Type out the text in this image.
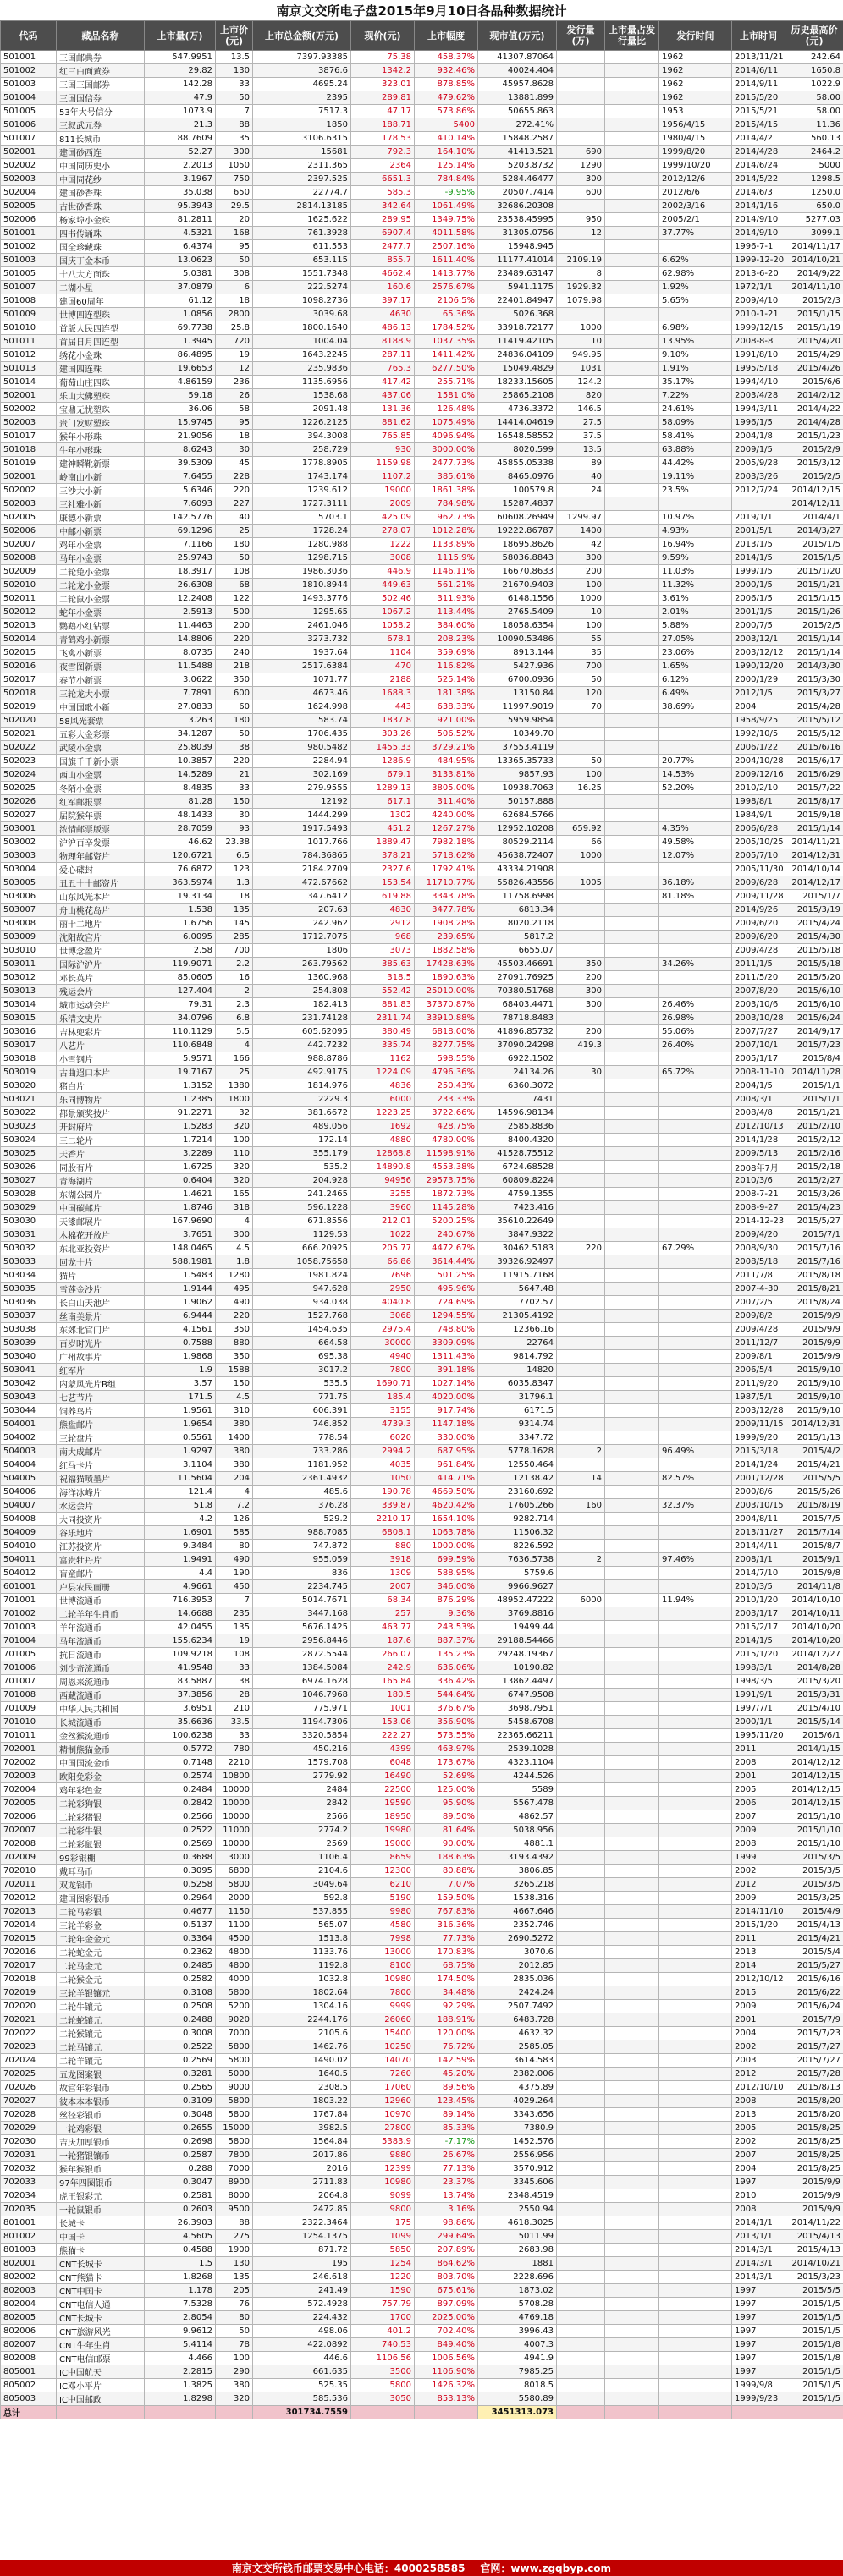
南京文交所电子盘2015年9月10日各品种数据统计
代码	藏品名称	上市量(万)	上市价(元)	上市总金额(万元)	现价(元)	上市幅度	现市值(万元)	发行量(万)	上市量占发行量比	发行时间	上市时间	历史最高价(元)	
501001	三国邮典券	547.9951	13.5	7397.93385	75.38	458.37%	41307.87064			1962	2013/11/21	242.64	
501002	红三白面黄券	29.82	130	3876.6	1342.2	932.46%	40024.404			1962	2014/6/11	1650.8	
501003	三国三国邮券	142.28	33	4695.24	323.01	878.85%	45957.8628			1962	2014/9/11	1022.9	
501004	三国国信券	47.9	50	2395	289.81	479.62%	13881.899			1962	2015/5/20	58.00	
501005	53年大号信分	1073.9	7	7517.3	47.17	573.86%	50655.863			1953	2015/5/21	58.00	
501006	三叔武元券	21.3	88	1850	188.71	5400	272.41%			1956/4/15	2015/4/15	11.36	
501007	811长城币	88.7609	35	3106.6315	178.53	410.14%	15848.2587			1980/4/15	2014/4/2	560.13	
502001	建国砂西连	52.27	300	15681	792.3	164.10%	41413.521	690		1999/8/20	2014/4/28	2464.2	
502002	中国同历史小	2.2013	1050	2311.365	2364	125.14%	5203.8732	1290		1999/10/20	2014/6/24	5000	
502003	中国同花纱	3.1967	750	2397.525	6651.3	784.84%	5284.46477	300		2012/12/6	2014/5/22	1298.5	
502004	建国砂香珠	35.038	650	22774.7	585.3	-9.95%	20507.7414	600		2012/6/6	2014/6/3	1250.0	
502005	古世砂香珠	95.3943	29.5	2814.13185	342.64	1061.49%	32686.20308			2002/3/16	2014/1/16	650.0	
502006	杨家埠小金珠	81.2811	20	1625.622	289.95	1349.75%	23538.45995	950		2005/2/1	2014/9/10	5277.03	
501001	四书传诵珠	4.5321	168	761.3928	6907.4	4011.58%	31305.0756	12		37.77%	2014/9/10	3099.1	
501002	国全珍藏珠	6.4374	95	611.553	2477.7	2507.16%	15948.945				1996-7-1	2014/11/17	
501003	国庆丁金本币	13.0623	50	653.115	855.7	1611.40%	11177.41014	2109.19		6.62%	1999-12-20	2014/10/21	
501005	十八大方面珠	5.0381	308	1551.7348	4662.4	1413.77%	23489.63147	8		62.98%	2013-6-20	2014/9/22	
501007	二湖小星	37.0879	6	222.5274	160.6	2576.67%	5941.1175	1929.32		1.92%	1972/1/1	2014/11/10	
501008	建国60周年	61.12	18	1098.2736	397.17	2106.5%	22401.84947	1079.98		5.65%	2009/4/10	2015/2/3	
501009	世博四连型珠	1.0856	2800	3039.68	4630	65.36%	5026.368				2010-1-21	2015/1/15	
501010	首版人民四连型	69.7738	25.8	1800.1640	486.13	1784.52%	33918.72177	1000		6.98%	1999/12/15	2015/1/19	
501011	首届日月四连型	1.3945	720	1004.04	8188.9	1037.35%	11419.42105	10		13.95%	2008-8-8	2015/4/20	
501012	绣花小金珠	86.4895	19	1643.2245	287.11	1411.42%	24836.04109	949.95		9.10%	1991/8/10	2015/4/29	
501013	建国四连珠	19.6653	12	235.9836	765.3	6277.50%	15049.4829	1031		1.91%	1995/5/18	2015/4/26	
501014	葡萄山庄四珠	4.86159	236	1135.6956	417.42	255.71%	18233.15605	124.2		35.17%	1994/4/10	2015/6/6	
502001	乐山大佛塑珠	59.18	26	1538.68	437.06	1581.0%	25865.2108	820		7.22%	2003/4/28	2014/2/12	
502002	宝鼎无忧塑珠	36.06	58	2091.48	131.36	126.48%	4736.3372	146.5		24.61%	1994/3/11	2014/4/22	
502003	贵门发财塑珠	15.9745	95	1226.2125	881.62	1075.49%	14414.04619	27.5		58.09%	1996/1/5	2014/4/28	
501017	猴年小形珠	21.9056	18	394.3008	765.85	4096.94%	16548.58552	37.5		58.41%	2004/1/8	2015/1/23	
501018	牛年小形珠	8.6243	30	258.729	930	3000.00%	8020.599	13.5		63.88%	2009/1/5	2015/2/9	
501019	建神瞬靴新票	39.5309	45	1778.8905	1159.98	2477.73%	45855.05338	89		44.42%	2005/9/28	2015/3/12	
502001	岭南山小新	7.6455	228	1743.174	1107.2	385.61%	8465.0976	40		19.11%	2003/3/26	2015/2/5	
502002	三沙大小新	5.6346	220	1239.612	19000	1861.38%	100579.8	24		23.5%	2012/7/24	2014/12/15	
502003	三社雅小新	7.6093	227	1727.3111	2009	784.98%	15287.4837					2014/12/11	
502005	康德小新票	142.5776	40	5703.1	425.09	962.73%	60608.26949	1299.97		10.97%	2019/1/1	2014/4/1	
502006	中邮小新票	69.1296	25	1728.24	278.07	1012.28%	19222.86787	1400		4.93%	2001/5/1	2014/3/27	
502007	鸡年小金票	7.1166	180	1280.988	1222	1133.89%	18695.8626	42		16.94%	2013/1/5	2015/1/5	
502008	马年小金票	25.9743	50	1298.715	3008	1115.9%	58036.8843	300		9.59%	2014/1/5	2015/1/5	
502009	二轮兔小金票	18.3917	108	1986.3036	446.9	1146.11%	16670.8633	200		11.03%	1999/1/5	2015/1/20	
502010	二轮龙小金票	26.6308	68	1810.8944	449.63	561.21%	21670.9403	100		11.32%	2000/1/5	2015/1/21	
502011	二轮鼠小金票	12.2408	122	1493.3776	502.46	311.93%	6148.1556	1000		3.61%	2006/1/5	2015/1/15	
502012	蛇年小金票	2.5913	500	1295.65	1067.2	113.44%	2765.5409	10		2.01%	2001/1/5	2015/1/26	
502013	鹦鹉小红钻票	11.4463	200	2461.046	1058.2	384.60%	18058.6354	100		5.88%	2000/7/5	2015/2/5	
502014	青鹤鸡小新票	14.8806	220	3273.732	678.1	208.23%	10090.53486	55		27.05%	2003/12/1	2015/1/14	
502015	飞禽小新票	8.0735	240	1937.64	1104	359.69%	8913.144	35		23.06%	2003/12/12	2015/1/14	
502016	夜雪图新票	11.5488	218	2517.6384	470	116.82%	5427.936	700		1.65%	1990/12/20	2014/3/30	
502017	春节小新票	3.0622	350	1071.77	2188	525.14%	6700.0936	50		6.12%	2000/1/29	2015/3/30	
502018	三轮龙大小票	7.7891	600	4673.46	1688.3	181.38%	13150.84	120		6.49%	2012/1/5	2015/3/27	
502019	中国国歌小新	27.0833	60	1624.998	443	638.33%	11997.9019	70		38.69%	2004	2015/4/28	
502020	58风光套票	3.263	180	583.74	1837.8	921.00%	5959.9854				1958/9/25	2015/5/12	
502021	五彩大金彩票	34.1287	50	1706.435	303.26	506.52%	10349.70				1992/10/5	2015/5/12	
502022	武陵小金票	25.8039	38	980.5482	1455.33	3729.21%	37553.4119				2006/1/22	2015/6/16	
502023	国旗千千新小票	10.3857	220	2284.94	1286.9	484.95%	13365.35733	50		20.77%	2004/10/28	2015/6/17	
502024	西山小金票	14.5289	21	302.169	679.1	3133.81%	9857.93	100		14.53%	2009/12/16	2015/6/29	
502025	冬陌小金票	8.4835	33	279.9555	1289.13	3805.00%	10938.7063	16.25		52.20%	2010/2/10	2015/7/22	
502026	红军邮报票	81.28	150	12192	617.1	311.40%	50157.888				1998/8/1	2015/8/17	
502027	届院猴年票	48.1433	30	1444.299	1302	4240.00%	62684.5766				1984/9/1	2015/9/18	
503001	浓情邮票版票	28.7059	93	1917.5493	451.2	1267.27%	12952.10208	659.92		4.35%	2006/6/28	2015/1/14	
503002	沪沪百辛发票	46.62	23.38	1017.766	1889.47	7982.18%	80529.2114	66		49.58%	2005/10/25	2014/11/21	
503003	物理年邮资片	120.6721	6.5	784.36865	378.21	5718.62%	45638.72407	1000		12.07%	2005/7/10	2014/12/31	
503004	爱心碟封	76.6872	123	2184.2709	2327.6	1792.41%	43334.21908				2005/11/30	2014/10/14	
503005	丑丑十十邮资片	363.5974	1.3	472.67662	153.54	11710.77%	55826.43556	1005		36.18%	2009/6/28	2014/12/17	
503006	山东风光本片	19.3134	18	347.6412	619.88	3343.78%	11758.6998			81.18%	2009/11/28	2015/1/7	
503007	舟山桃花岛片	1.538	135	207.63	4830	3477.78%	6813.34				2014/9/26	2015/3/19	
503008	丽十二地片	1.6756	145	242.962	2912	1908.28%	8020.2118				2009/6/20	2015/4/24	
503009	沈阳故宫片	6.0095	285	1712.7075	968	239.65%	5817.2				2009/6/20	2015/4/30	
503010	世博念盈片	2.58	700	1806	3073	1882.58%	6655.07				2009/4/28	2015/5/18	
503011	国际沪沪片	119.9071	2.2	263.79562	385.63	17428.63%	45503.46691	350		34.26%	2011/1/5	2015/5/18	
503012	邓长英片	85.0605	16	1360.968	318.5	1890.63%	27091.76925	200			2011/5/20	2015/5/20	
503013	残运会片	127.404	2	254.808	552.42	25010.00%	70380.51768	300			2007/8/20	2015/6/10	
503014	城市运动会片	79.31	2.3	182.413	881.83	37370.87%	68403.4471	300		26.46%	2003/10/6	2015/6/10	
503015	乐清文史片	34.0796	6.8	231.74128	2311.74	33910.88%	78718.8483			26.98%	2003/10/28	2015/6/24	
503016	吉林兜彩片	110.1129	5.5	605.62095	380.49	6818.00%	41896.85732	200		55.06%	2007/7/27	2014/9/17	
503017	八艺片	110.6848	4	442.7232	335.74	8277.75%	37090.24298	419.3		26.40%	2007/10/1	2015/7/23	
503018	小雪钢片	5.9571	166	988.8786	1162	598.55%	6922.1502				2005/1/17	2015/8/4	
503019	古曲迢口本片	19.7167	25	492.9175	1224.09	4796.36%	24134.26	30		65.72%	2008-11-10	2014/11/28	
503020	猪白片	1.3152	1380	1814.976	4836	250.43%	6360.3072				2004/1/5	2015/1/1	
503021	乐同博物片	1.2385	1800	2229.3	6000	233.33%	7431				2008/3/1	2015/1/1	
503022	都景颁奖技片	91.2271	32	381.6672	1223.25	3722.66%	14596.98134				2008/4/8	2015/1/21	
503023	开封府片	1.5283	320	489.056	1692	428.75%	2585.8836				2012/10/13	2015/2/10	
503024	三二轮片	1.7214	100	172.14	4880	4780.00%	8400.4320				2014/1/28	2015/2/12	
503025	天香片	3.2289	110	355.179	12868.8	11598.91%	41528.75512				2009/5/13	2015/2/16	
503026	同股有片	1.6725	320	535.2	14890.8	4553.38%	6724.68528				2008年7月	2015/2/18	
503027	青海湖片	0.6404	320	204.928	94956	29573.75%	60809.8224				2010/3/6	2015/2/27	
503028	东湖公园片	1.4621	165	241.2465	3255	1872.73%	4759.1355				2008-7-21	2015/3/26	
503029	中国碳邮片	1.8746	318	596.1228	3960	1145.28%	7423.416				2008-9-27	2015/4/23	
503030	天漆邮展片	167.9690	4	671.8556	212.01	5200.25%	35610.22649				2014-12-23	2015/5/27	
503031	木棉花开放片	3.7651	300	1129.53	1022	240.67%	3847.9322				2009/4/20	2015/7/1	
503032	东北亚投资片	148.0465	4.5	666.20925	205.77	4472.67%	30462.5183	220		67.29%	2008/9/30	2015/7/16	
503033	回龙十片	588.1981	1.8	1058.75658	66.86	3614.44%	39326.92497				2008/5/18	2015/7/16	
503034	猫片	1.5483	1280	1981.824	7696	501.25%	11915.7168				2011/7/8	2015/8/18	
503035	雪莲金沙片	1.9144	495	947.628	2950	495.96%	5647.48				2007-4-30	2015/8/21	
503036	长白山天池片	1.9062	490	934.038	4040.8	724.69%	7702.57				2007/2/5	2015/8/24	
503037	丝南美景片	6.9444	220	1527.768	3068	1294.55%	21305.4192				2009/8/2	2015/9/9	
503038	东郊北官门片	4.1561	350	1454.635	2975.4	748.80%	12366.16				2009/4/28	2015/9/9	
503039	百岁时光片	0.7588	880	664.58	30000	3309.09%	22764				2011/12/7	2015/9/9	
503040	广州故事片	1.9868	350	695.38	4940	1311.43%	9814.792				2009/8/1	2015/9/9	
503041	红军片	1.9	1588	3017.2	7800	391.18%	14820				2006/5/4	2015/9/10	
503042	内蒙风光片B组	3.57	150	535.5	1690.71	1027.14%	6035.8347				2011/9/20	2015/9/10	
503043	七艺节片	171.5	4.5	771.75	185.4	4020.00%	31796.1				1987/5/1	2015/9/10	
503044	饲养鸟片	1.9561	310	606.391	3155	917.74%	6171.5				2003/12/28	2015/9/10	
504001	熊盘邮片	1.9654	380	746.852	4739.3	1147.18%	9314.74				2009/11/15	2014/12/31	
504002	三轮盘片	0.5561	1400	778.54	6020	330.00%	3347.72				1999/9/20	2015/1/13	
504003	南大成邮片	1.9297	380	733.286	2994.2	687.95%	5778.1628	2		96.49%	2015/3/18	2015/4/2	
504004	红马卡片	3.1104	380	1181.952	4035	961.84%	12550.464				2014/1/24	2015/4/21	
504005	祝福猫喷墨片	11.5604	204	2361.4932	1050	414.71%	12138.42	14		82.57%	2001/12/28	2015/5/5	
504006	海洋冰峰片	121.4	4	485.6	190.78	4669.50%	23160.692				2000/8/6	2015/5/26	
504007	水运会片	51.8	7.2	376.28	339.87	4620.42%	17605.266	160		32.37%	2003/10/15	2015/8/19	
504008	大同投资片	4.2	126	529.2	2210.17	1654.10%	9282.714				2004/8/11	2015/7/5	
504009	谷乐地片	1.6901	585	988.7085	6808.1	1063.78%	11506.32				2013/11/27	2015/7/14	
504010	江苏投资片	9.3484	80	747.872	880	1000.00%	8226.592				2014/4/11	2015/8/7	
504011	富贵牡丹片	1.9491	490	955.059	3918	699.59%	7636.5738	2		97.46%	2008/1/1	2015/9/1	
504012	盲童邮片	4.4	190	836	1309	588.95%	5759.6				2014/7/10	2015/9/8	
601001	户县农民画册	4.9661	450	2234.745	2007	346.00%	9966.9627				2010/3/5	2014/11/8	
701001	世博流通币	716.3953	7	5014.7671	68.34	876.29%	48952.47222	6000		11.94%	2010/1/20	2014/10/10	
701002	二轮羊年生肖币	14.6688	235	3447.168	257	9.36%	3769.8816				2003/1/17	2014/10/11	
701003	羊年流通币	42.0455	135	5676.1425	463.77	243.53%	19499.44				2015/2/17	2014/10/20	
701004	马年流通币	155.6234	19	2956.8446	187.6	887.37%	29188.54466				2014/1/5	2014/10/20	
701005	抗日流通币	109.9218	108	2872.5544	266.07	135.23%	29248.19367				2015/1/20	2014/12/27	
701006	刘少奇流通币	41.9548	33	1384.5084	242.9	636.06%	10190.82				1998/3/1	2014/8/28	
701007	周恩来流通币	83.5887	38	6974.1628	165.84	336.42%	13862.4497				1998/3/5	2015/3/20	
701008	西藏流通币	37.3856	28	1046.7968	180.5	544.64%	6747.9508				1991/9/1	2015/3/31	
701009	中华人民共和国	3.6951	210	775.971	1001	376.67%	3698.7951				1997/7/1	2015/4/10	
701010	长城流通币	35.6636	33.5	1194.7306	153.06	356.90%	5458.6708				2000/1/1	2015/5/14	
701011	金丝猴流通币	100.6238	33	3320.5854	222.27	573.55%	22365.66211				1995/11/20	2015/6/1	
702001	精制熊猫金币	0.5772	780	450.216	4399	463.97%	2539.1028				2011	2014/1/15	
702002	中国国流金币	0.7148	2210	1579.708	6048	173.67%	4323.1104				2008	2014/12/12	
702003	欧阳免彩金	0.2574	10800	2779.92	16490	52.69%	4244.526				2001	2014/12/15	
702004	鸡年彩色金	0.2484	10000	2484	22500	125.00%	5589				2005	2014/12/15	
702005	二轮彩狗银	0.2842	10000	2842	19590	95.90%	5567.478				2006	2014/12/15	
702006	二轮彩猪银	0.2566	10000	2566	18950	89.50%	4862.57				2007	2015/1/10	
702007	二轮彩牛银	0.2522	11000	2774.2	19980	81.64%	5038.956				2009	2015/1/10	
702008	二轮彩鼠银	0.2569	10000	2569	19000	90.00%	4881.1				2008	2015/1/10	
702009	99彩银棚	0.3688	3000	1106.4	8659	188.63%	3193.4392				1999	2015/3/5	
702010	戴耳马币	0.3095	6800	2104.6	12300	80.88%	3806.85				2002	2015/3/5	
702011	双龙银币	0.5258	5800	3049.64	6210	7.07%	3265.218				2012	2015/3/5	
702012	建国图彩银币	0.2964	2000	592.8	5190	159.50%	1538.316				2009	2015/3/25	
702013	二轮马彩银	0.4677	1150	537.855	9980	767.83%	4667.646				2014/11/10	2015/4/9	
702014	三轮羊彩金	0.5137	1100	565.07	4580	316.36%	2352.746				2015/1/20	2015/4/13	
702015	二轮年金金元	0.3364	4500	1513.8	7998	77.73%	2690.5272				2011	2015/4/21	
702016	二轮蛇金元	0.2362	4800	1133.76	13000	170.83%	3070.6				2013	2015/5/4	
702017	二轮马金元	0.2485	4800	1192.8	8100	68.75%	2012.85				2014	2015/5/27	
702018	二轮猴金元	0.2582	4000	1032.8	10980	174.50%	2835.036				2012/10/12	2015/6/16	
702019	三轮羊银镶元	0.3108	5800	1802.64	7800	34.48%	2424.24				2015	2015/6/22	
702020	二轮牛镶元	0.2508	5200	1304.16	9999	92.29%	2507.7492				2009	2015/6/24	
702021	二轮蛇镶元	0.2488	9020	2244.176	26060	188.91%	6483.728				2001	2015/7/9	
702022	二轮猴镶元	0.3008	7000	2105.6	15400	120.00%	4632.32				2004	2015/7/23	
702023	二轮马镶元	0.2522	5800	1462.76	10250	76.72%	2585.05				2002	2015/7/27	
702024	二轮羊镶元	0.2569	5800	1490.02	14070	142.59%	3614.583				2003	2015/7/27	
702025	五龙图案银	0.3281	5000	1640.5	7260	45.20%	2382.006				2012	2015/7/28	
702026	故宫年彩银币	0.2565	9000	2308.5	17060	89.56%	4375.89				2012/10/10	2015/8/13	
702027	彼本本本银币	0.3109	5800	1803.22	12960	123.45%	4029.264				2008	2015/8/20	
702028	丝径彩银币	0.3048	5800	1767.84	10970	89.14%	3343.656				2013	2015/8/20	
702029	一轮鸡彩银	0.2655	15000	3982.5	27800	85.33%	7380.9				2005	2015/8/25	
702030	吉庆加厚银币	0.2698	5800	1564.84	5383.9	-7.17%	1452.576				2002	2015/8/25	
702031	一轮猪银镶币	0.2587	7800	2017.86	9880	26.67%	2556.956				2007	2015/8/25	
702032	猴年猴银币	0.288	7000	2016	12399	77.13%	3570.912				2004	2015/8/25	
702033	97年四圈银币	0.3047	8900	2711.83	10980	23.37%	3345.606				1997	2015/9/9	
702034	虎王银彩元	0.2581	8000	2064.8	9099	13.74%	2348.4519				2010	2015/9/9	
702035	一轮鼠银币	0.2603	9500	2472.85	9800	3.16%	2550.94				2008	2015/9/9	
801001	长城卡	26.3903	88	2322.3464	175	98.86%	4618.3025				2014/1/1	2014/11/22	
801002	中国卡	4.5605	275	1254.1375	1099	299.64%	5011.99				2013/1/1	2015/4/13	
801003	熊猫卡	0.4588	1900	871.72	5850	207.89%	2683.98				2014/3/1	2015/4/13	
802001	CNT长城卡	1.5	130	195	1254	864.62%	1881				2014/3/1	2014/10/21	
802002	CNT熊猫卡	1.8268	135	246.618	1220	803.70%	2228.696				2014/3/1	2015/3/23	
802003	CNT中国卡	1.178	205	241.49	1590	675.61%	1873.02				1997	2015/5/5	
802004	CNT电信人通	7.5328	76	572.4928	757.79	897.09%	5708.28				1997	2015/1/5	
802005	CNT长城卡	2.8054	80	224.432	1700	2025.00%	4769.18				1997	2015/1/5	
802006	CNT旅游风光	9.9612	50	498.06	401.2	702.40%	3996.43				1997	2015/1/5	
802007	CNT牛年生肖	5.4114	78	422.0892	740.53	849.40%	4007.3				1997	2015/1/8	
802008	CNT电信邮票	4.466	100	446.6	1106.56	1006.56%	4941.9				1997	2015/1/8	
805001	IC中国航天	2.2815	290	661.635	3500	1106.90%	7985.25				1997	2015/1/5	
805002	IC邓小平片	1.3825	380	525.35	5800	1426.32%	8018.5				1999/9/8	2015/1/5	
805003	IC中国邮政	1.8298	320	585.536	3050	853.13%	5580.89				1999/9/23	2015/1/5	
总计				301734.7559			3451313.073						
南京文交所钱币邮票交易中心电话：4000258585 官网：www.zgqbyp.com
